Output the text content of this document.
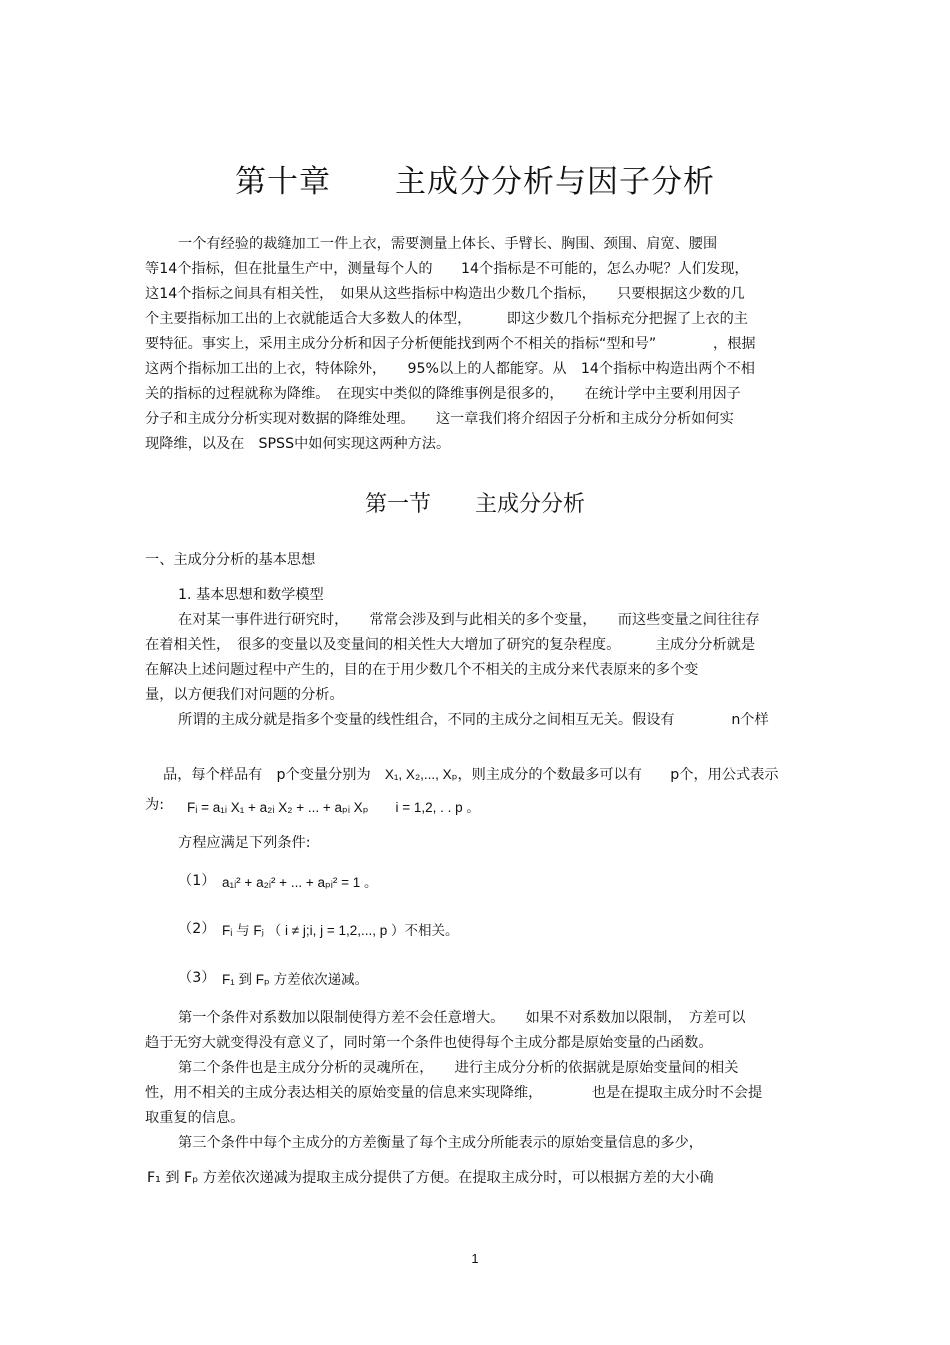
第十章　　主成分分析与因子分析
一个有经验的裁缝加工一件上衣，需要测量上体长、手臂长、胸围、颈围、肩宽、腰围
等14个指标，但在批量生产中，测量每个人的　　14个指标是不可能的，怎么办呢？人们发现，
这14个指标之间具有相关性，　如果从这些指标中构造出少数几个指标，　　只要根据这少数的几
个主要指标加工出的上衣就能适合大多数人的体型，　　　即这少数几个指标充分把握了上衣的主
要特征。事实上，采用主成分分析和因子分析便能找到两个不相关的指标“型和号”　　　　，根据
这两个指标加工出的上衣，特体除外，　　95%以上的人都能穿。从　14个指标中构造出两个不相
关的指标的过程就称为降维。　在现实中类似的降维事例是很多的，　　在统计学中主要利用因子
分子和主成分分析实现对数据的降维处理。　　这一章我们将介绍因子分析和主成分分析如何实
现降维，以及在　SPSS中如何实现这两种方法。
第一节　　主成分分析
一、主成分分析的基本思想
1. 基本思想和数学模型
在对某一事件进行研究时，　　常常会涉及到与此相关的多个变量，　　而这些变量之间往往存
在着相关性，　很多的变量以及变量间的相关性大大增加了研究的复杂程度。　　　主成分分析就是
在解决上述问题过程中产生的，目的在于用少数几个不相关的主成分来代表原来的多个变
量，以方便我们对问题的分析。
所谓的主成分就是指多个变量的线性组合，不同的主成分之间相互无关。假设有　　　　n个样

品，每个样品有　p个变量分别为　X₁, X₂,..., Xₚ，则主成分的个数最多可以有　　p个，用公式表示

为: Fᵢ = a₁ᵢ X₁ + a₂ᵢ X₂ + ... + aₚᵢ Xₚ　　i = 1,2, . . p 。
方程应满足下列条件:
（1） a₁ᵢ² + a₂ᵢ² + ... + aₚᵢ² = 1 。
（2） Fᵢ 与 Fⱼ （ i ≠ j;i, j = 1,2,..., p ）不相关。
（3） F₁ 到 Fₚ 方差依次递减。
第一个条件对系数加以限制使得方差不会任意增大。　　如果不对系数加以限制，　方差可以
趋于无穷大就变得没有意义了，同时第一个条件也使得每个主成分都是原始变量的凸函数。
第二个条件也是主成分分析的灵魂所在，　　进行主成分分析的依据就是原始变量间的相关
性，用不相关的主成分表达相关的原始变量的信息来实现降维，　　　　也是在提取主成分时不会提
取重复的信息。
第三个条件中每个主成分的方差衡量了每个主成分所能表示的原始变量信息的多少，
F₁ 到 Fₚ 方差依次递减为提取主成分提供了方便。在提取主成分时，可以根据方差的大小确
1
